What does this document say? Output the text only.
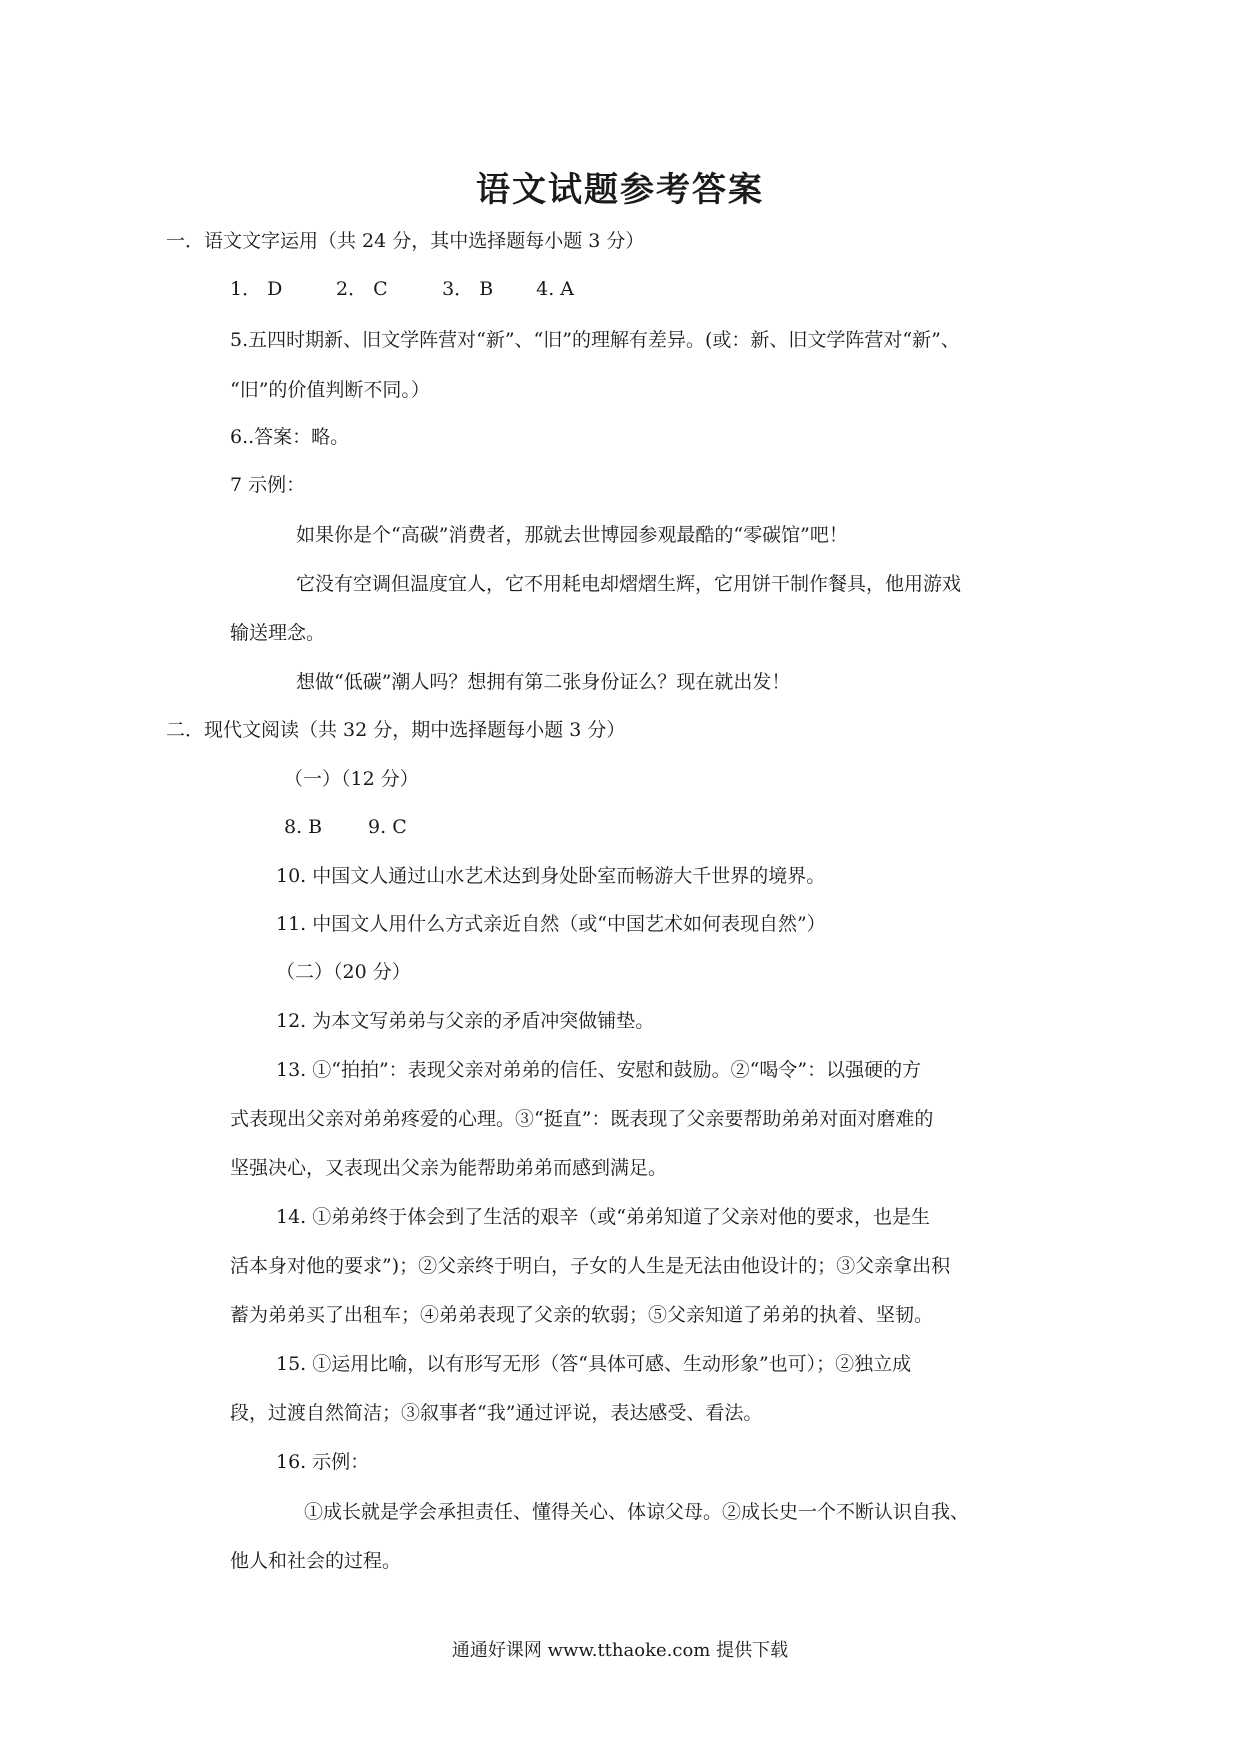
语文试题参考答案
一．语文文字运用（共 24 分，其中选择题每小题 3 分）
1． D	2． C	3． B 4. A
5.五四时期新、旧文学阵营对“新”、“旧”的理解有差异。(或：新、旧文学阵营对“新”、
“旧”的价值判断不同。）
6..答案：略。
7 示例：
如果你是个“高碳”消费者，那就去世博园参观最酷的“零碳馆”吧！
它没有空调但温度宜人，它不用耗电却熠熠生辉，它用饼干制作餐具，他用游戏
输送理念。
想做“低碳”潮人吗？想拥有第二张身份证么？现在就出发！
二．现代文阅读（共 32 分，期中选择题每小题 3 分）
（一）（12 分）
8. B 9. C
10. 中国文人通过山水艺术达到身处卧室而畅游大千世界的境界。
11. 中国文人用什么方式亲近自然（或“中国艺术如何表现自然”）
（二）（20 分）
12. 为本文写弟弟与父亲的矛盾冲突做铺垫。
13. ①“拍拍”：表现父亲对弟弟的信任、安慰和鼓励。②“喝令”：以强硬的方
式表现出父亲对弟弟疼爱的心理。③“挺直”：既表现了父亲要帮助弟弟对面对磨难的
坚强决心，又表现出父亲为能帮助弟弟而感到满足。
14. ①弟弟终于体会到了生活的艰辛（或“弟弟知道了父亲对他的要求，也是生
活本身对他的要求”)；②父亲终于明白，子女的人生是无法由他设计的；③父亲拿出积
蓄为弟弟买了出租车；④弟弟表现了父亲的软弱；⑤父亲知道了弟弟的执着、坚韧。
15. ①运用比喻，以有形写无形（答“具体可感、生动形象”也可）；②独立成
段，过渡自然简洁；③叙事者“我”通过评说，表达感受、看法。
16. 示例：
①成长就是学会承担责任、懂得关心、体谅父母。②成长史一个不断认识自我、
他人和社会的过程。
通通好课网 www.tthaoke.com 提供下载
